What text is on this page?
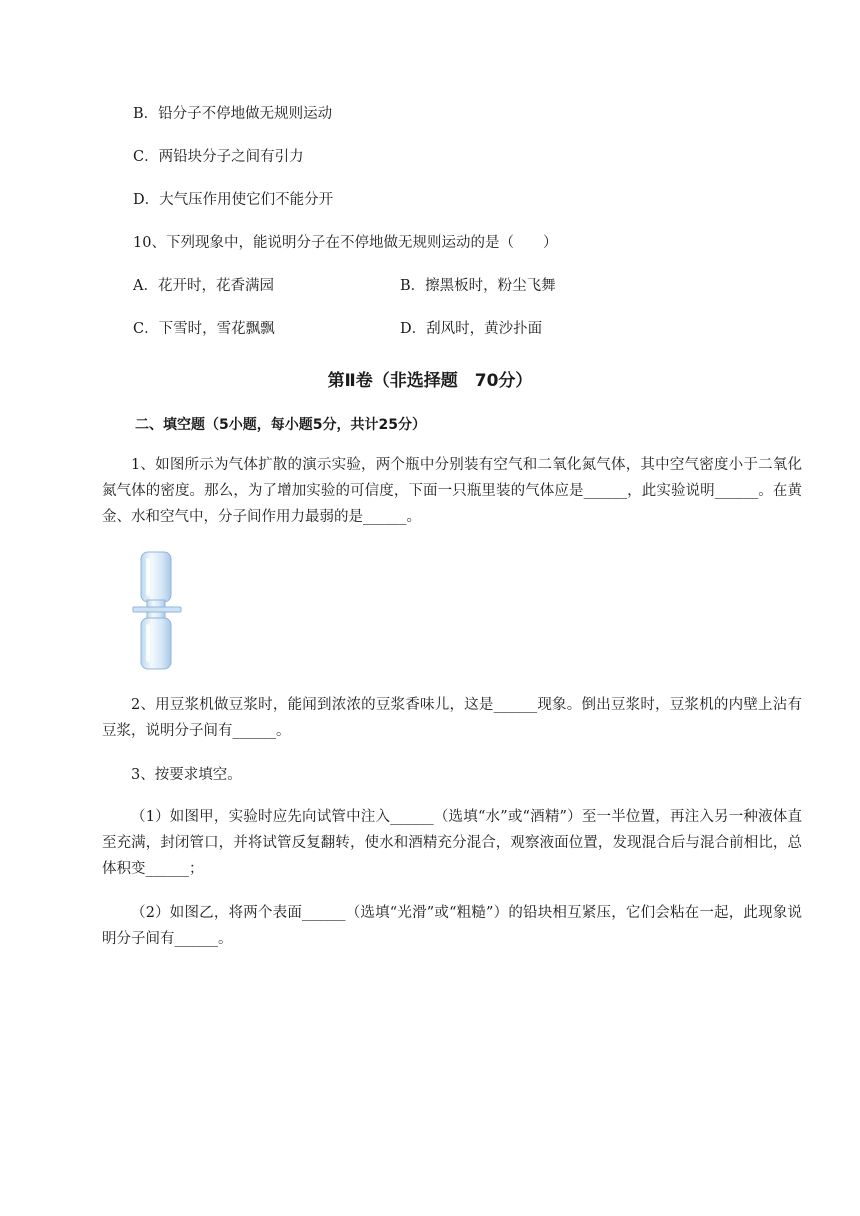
B．铅分子不停地做无规则运动
C．两铅块分子之间有引力
D．大气压作用使它们不能分开
10、下列现象中，能说明分子在不停地做无规则运动的是（　　）
A．花开时，花香满园	B．擦黑板时，粉尘飞舞
C．下雪时，雪花飘飘	D．刮风时，黄沙扑面
第Ⅱ卷（非选择题　70分）
二、填空题（5小题，每小题5分，共计25分）
1、如图所示为气体扩散的演示实验，两个瓶中分别装有空气和二氧化氮气体，其中空气密度小于二氧化氮气体的密度。那么，为了增加实验的可信度，下面一只瓶里装的气体应是______，此实验说明______。在黄金、水和空气中，分子间作用力最弱的是______。
2、用豆浆机做豆浆时，能闻到浓浓的豆浆香味儿，这是______现象。倒出豆浆时，豆浆机的内壁上沾有豆浆，说明分子间有______。
3、按要求填空。
（1）如图甲，实验时应先向试管中注入______（选填“水”或“酒精”）至一半位置，再注入另一种液体直至充满，封闭管口，并将试管反复翻转，使水和酒精充分混合，观察液面位置，发现混合后与混合前相比，总体积变______；
（2）如图乙，将两个表面______（选填“光滑”或“粗糙”）的铅块相互紧压，它们会粘在一起，此现象说明分子间有______。
